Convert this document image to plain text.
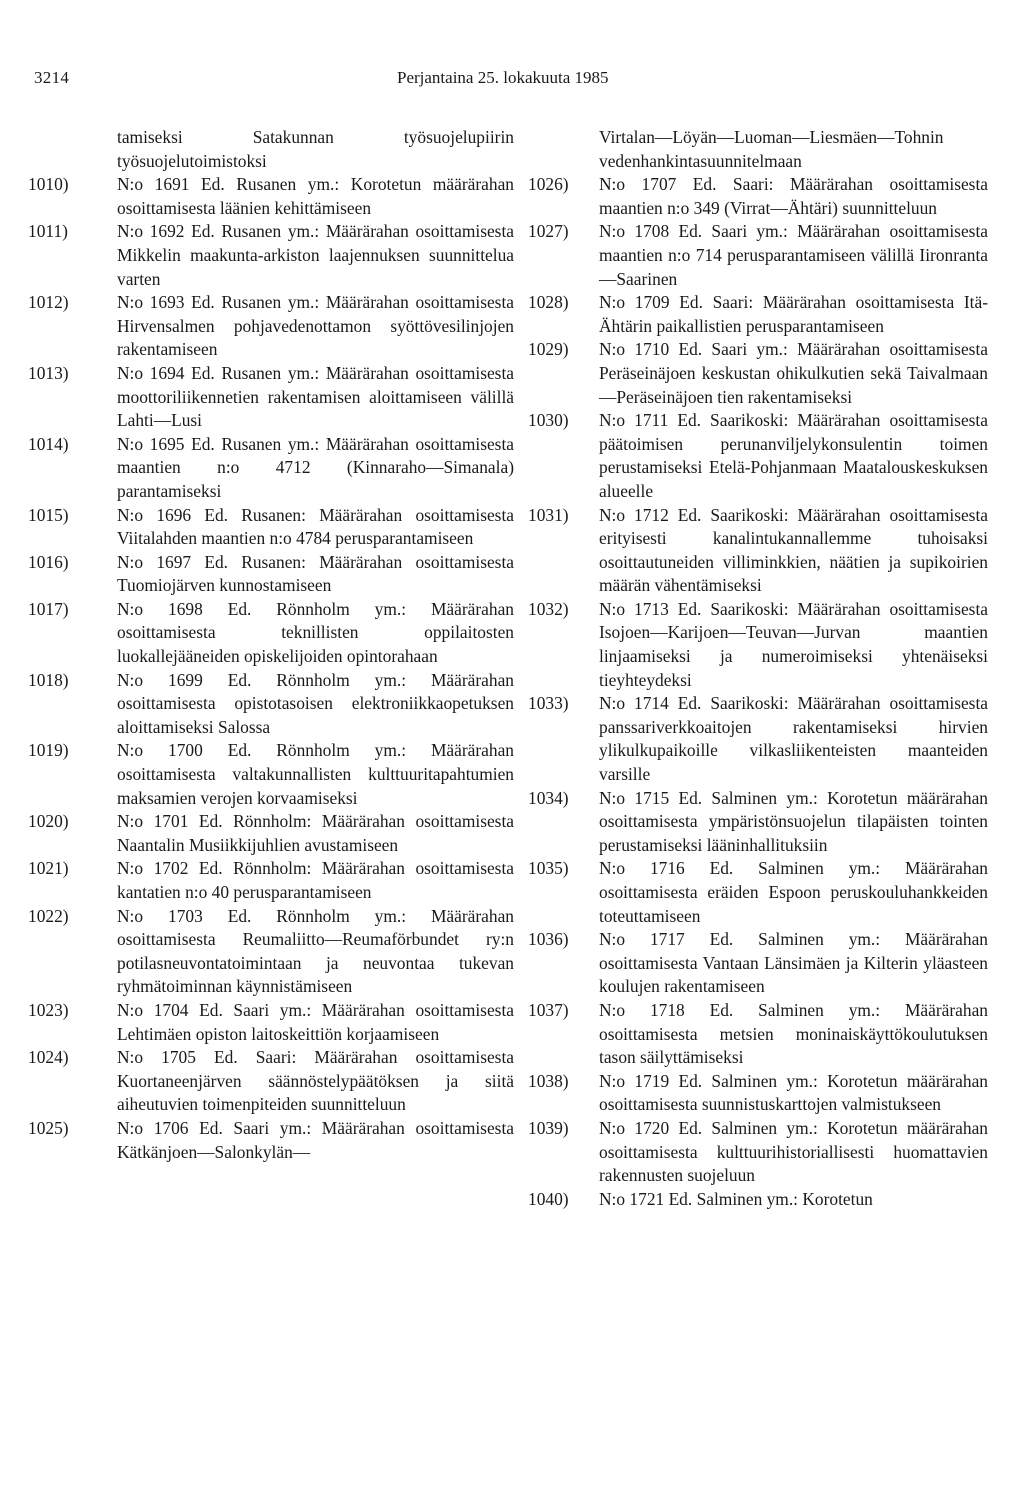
3214	Perjantaina 25. lokakuuta 1985
tamiseksi Satakunnan työsuojelupiirin työsuojelutoimistoksi
1010)	N:o 1691 Ed. Rusanen ym.: Korotetun määrärahan osoittamisesta läänien kehittämiseen
1011)	N:o 1692 Ed. Rusanen ym.: Määrärahan osoittamisesta Mikkelin maakunta-arkiston laajennuksen suunnittelua varten
1012)	N:o 1693 Ed. Rusanen ym.: Määrärahan osoittamisesta Hirvensalmen pohjavedenottamon syöttövesilinjojen rakentamiseen
1013)	N:o 1694 Ed. Rusanen ym.: Määrärahan osoittamisesta moottoriliikennetien rakentamisen aloittamiseen välillä Lahti—Lusi
1014)	N:o 1695 Ed. Rusanen ym.: Määrärahan osoittamisesta maantien n:o 4712 (Kinnaraho—Simanala) parantamiseksi
1015)	N:o 1696 Ed. Rusanen: Määrärahan osoittamisesta Viitalahden maantien n:o 4784 perusparantamiseen
1016)	N:o 1697 Ed. Rusanen: Määrärahan osoittamisesta Tuomiojärven kunnostamiseen
1017)	N:o 1698 Ed. Rönnholm ym.: Määrärahan osoittamisesta teknillisten oppilaitosten luokallejääneiden opiskelijoiden opintorahaan
1018)	N:o 1699 Ed. Rönnholm ym.: Määrärahan osoittamisesta opistotasoisen elektroniikkaopetuksen aloittamiseksi Salossa
1019)	N:o 1700 Ed. Rönnholm ym.: Määrärahan osoittamisesta valtakunnallisten kulttuuritapahtumien maksamien verojen korvaamiseksi
1020)	N:o 1701 Ed. Rönnholm: Määrärahan osoittamisesta Naantalin Musiikkijuhlien avustamiseen
1021)	N:o 1702 Ed. Rönnholm: Määrärahan osoittamisesta kantatien n:o 40 perusparantamiseen
1022)	N:o 1703 Ed. Rönnholm ym.: Määrärahan osoittamisesta Reumaliitto—Reumaförbundet ry:n potilasneuvontatoimintaan ja neuvontaa tukevan ryhmätoiminnan käynnistämiseen
1023)	N:o 1704 Ed. Saari ym.: Määrärahan osoittamisesta Lehtimäen opiston laitoskeittiön korjaamiseen
1024)	N:o 1705 Ed. Saari: Määrärahan osoittamisesta Kuortaneenjärven säännöstelypäätöksen ja siitä aiheutuvien toimenpiteiden suunnitteluun
1025)	N:o 1706 Ed. Saari ym.: Määrärahan osoittamisesta Kätkänjoen—Salonkylän—
Virtalan—Löyän—Luoman—Liesmäen—Tohnin vedenhankintasuunnitelmaan
1026)	N:o 1707 Ed. Saari: Määrärahan osoittamisesta maantien n:o 349 (Virrat—Ähtäri) suunnitteluun
1027)	N:o 1708 Ed. Saari ym.: Määrärahan osoittamisesta maantien n:o 714 perusparantamiseen välillä Iironranta—Saarinen
1028)	N:o 1709 Ed. Saari: Määrärahan osoittamisesta Itä-Ähtärin paikallistien perusparantamiseen
1029)	N:o 1710 Ed. Saari ym.: Määrärahan osoittamisesta Peräseinäjoen keskustan ohikulkutien sekä Taivalmaan—Peräseinäjoen tien rakentamiseksi
1030)	N:o 1711 Ed. Saarikoski: Määrärahan osoittamisesta päätoimisen perunanviljelykonsulentin toimen perustamiseksi Etelä-Pohjanmaan Maatalouskeskuksen alueelle
1031)	N:o 1712 Ed. Saarikoski: Määrärahan osoittamisesta erityisesti kanalintukannallemme tuhoisaksi osoittautuneiden villiminkkien, näätien ja supikoirien määrän vähentämiseksi
1032)	N:o 1713 Ed. Saarikoski: Määrärahan osoittamisesta Isojoen—Karijoen—Teuvan—Jurvan maantien linjaamiseksi ja numeroimiseksi yhtenäiseksi tieyhteydeksi
1033)	N:o 1714 Ed. Saarikoski: Määrärahan osoittamisesta panssariverkkoaitojen rakentamiseksi hirvien ylikulkupaikoille vilkasliikenteisten maanteiden varsille
1034)	N:o 1715 Ed. Salminen ym.: Korotetun määrärahan osoittamisesta ympäristönsuojelun tilapäisten tointen perustamiseksi lääninhallituksiin
1035)	N:o 1716 Ed. Salminen ym.: Määrärahan osoittamisesta eräiden Espoon peruskouluhankkeiden toteuttamiseen
1036)	N:o 1717 Ed. Salminen ym.: Määrärahan osoittamisesta Vantaan Länsimäen ja Kilterin yläasteen koulujen rakentamiseen
1037)	N:o 1718 Ed. Salminen ym.: Määrärahan osoittamisesta metsien moninaiskäyttökoulutuksen tason säilyttämiseksi
1038)	N:o 1719 Ed. Salminen ym.: Korotetun määrärahan osoittamisesta suunnistuskarttojen valmistukseen
1039)	N:o 1720 Ed. Salminen ym.: Korotetun määrärahan osoittamisesta kulttuurihistoriallisesti huomattavien rakennusten suojeluun
1040)	N:o 1721 Ed. Salminen ym.: Korotetun
